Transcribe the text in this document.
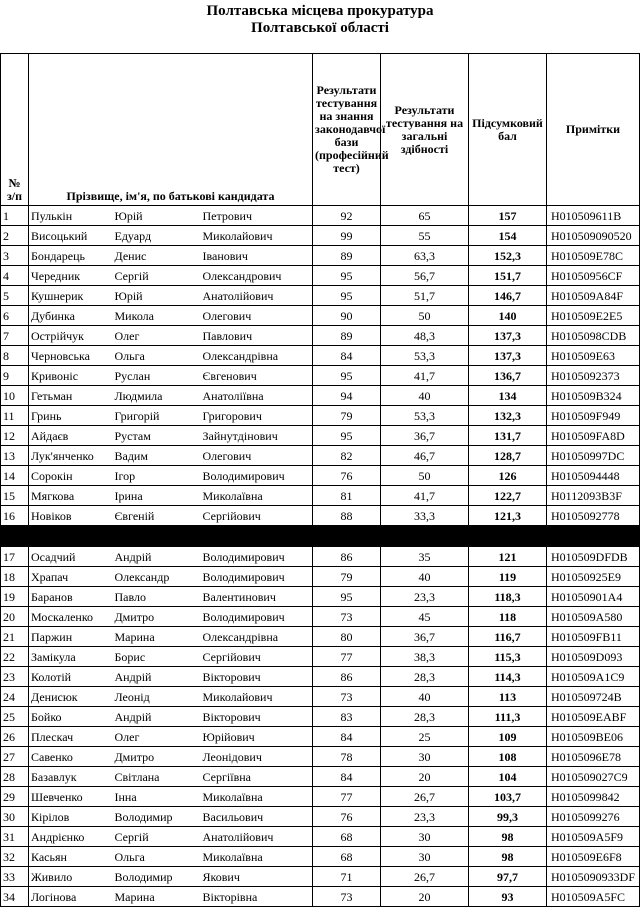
Полтавська місцева прокуратура
Полтавської області
№ з/п	Прізвище, ім'я, по батькові кандидата			Результати тестування на знання законодавчої бази (професійний тест)	Результати тестування на загальні здібності	Підсумковий бал	Примітки
1	Пулькін	Юрій	Петрович	92	65	157	H010509611B
2	Висоцький	Едуард	Миколайович	99	55	154	H010509090520
3	Бондарець	Денис	Іванович	89	63,3	152,3	H010509E78C
4	Чередник	Сергій	Олександрович	95	56,7	151,7	H01050956CF
5	Кушнерик	Юрій	Анатолійович	95	51,7	146,7	H010509A84F
6	Дубинка	Микола	Олегович	90	50	140	H010509E2E5
7	Острійчук	Олег	Павлович	89	48,3	137,3	H0105098CDB
8	Черновська	Ольга	Олександрівна	84	53,3	137,3	H010509E63
9	Кривоніс	Руслан	Євгенович	95	41,7	136,7	H0105092373
10	Гетьман	Людмила	Анатоліївна	94	40	134	H010509B324
11	Гринь	Григорій	Григорович	79	53,3	132,3	H010509F949
12	Айдаєв	Рустам	Зайнутдінович	95	36,7	131,7	H010509FA8D
13	Лук'янченко	Вадим	Олегович	82	46,7	128,7	H01050997DC
14	Сорокін	Ігор	Володимирович	76	50	126	H0105094448
15	Мягкова	Ірина	Миколаївна	81	41,7	122,7	H0112093B3F
16	Новіков	Євгеній	Сергійович	88	33,3	121,3	H0105092778

17	Осадчий	Андрій	Володимирович	86	35	121	H010509DFDB
18	Храпач	Олександр	Володимирович	79	40	119	H01050925E9
19	Баранов	Павло	Валентинович	95	23,3	118,3	H01050901A4
20	Москаленко	Дмитро	Володимирович	73	45	118	H010509A580
21	Паржин	Марина	Олександрівна	80	36,7	116,7	H010509FB11
22	Замікула	Борис	Сергійович	77	38,3	115,3	H010509D093
23	Колотій	Андрій	Вікторович	86	28,3	114,3	H010509A1C9
24	Денисюк	Леонід	Миколайович	73	40	113	H010509724B
25	Бойко	Андрій	Вікторович	83	28,3	111,3	H010509EABF
26	Плескач	Олег	Юрійович	84	25	109	H010509BE06
27	Савенко	Дмитро	Леонідович	78	30	108	H0105096E78
28	Базавлук	Світлана	Сергіївна	84	20	104	H010509027C9
29	Шевченко	Інна	Миколаївна	77	26,7	103,7	H0105099842
30	Кірілов	Володимир	Васильович	76	23,3	99,3	H0105099276
31	Андрієнко	Сергій	Анатолійович	68	30	98	H010509A5F9
32	Касьян	Ольга	Миколаївна	68	30	98	H010509E6F8
33	Живило	Володимир	Якович	71	26,7	97,7	H0105090933DF
34	Логінова	Марина	Вікторівна	73	20	93	H010509A5FC
